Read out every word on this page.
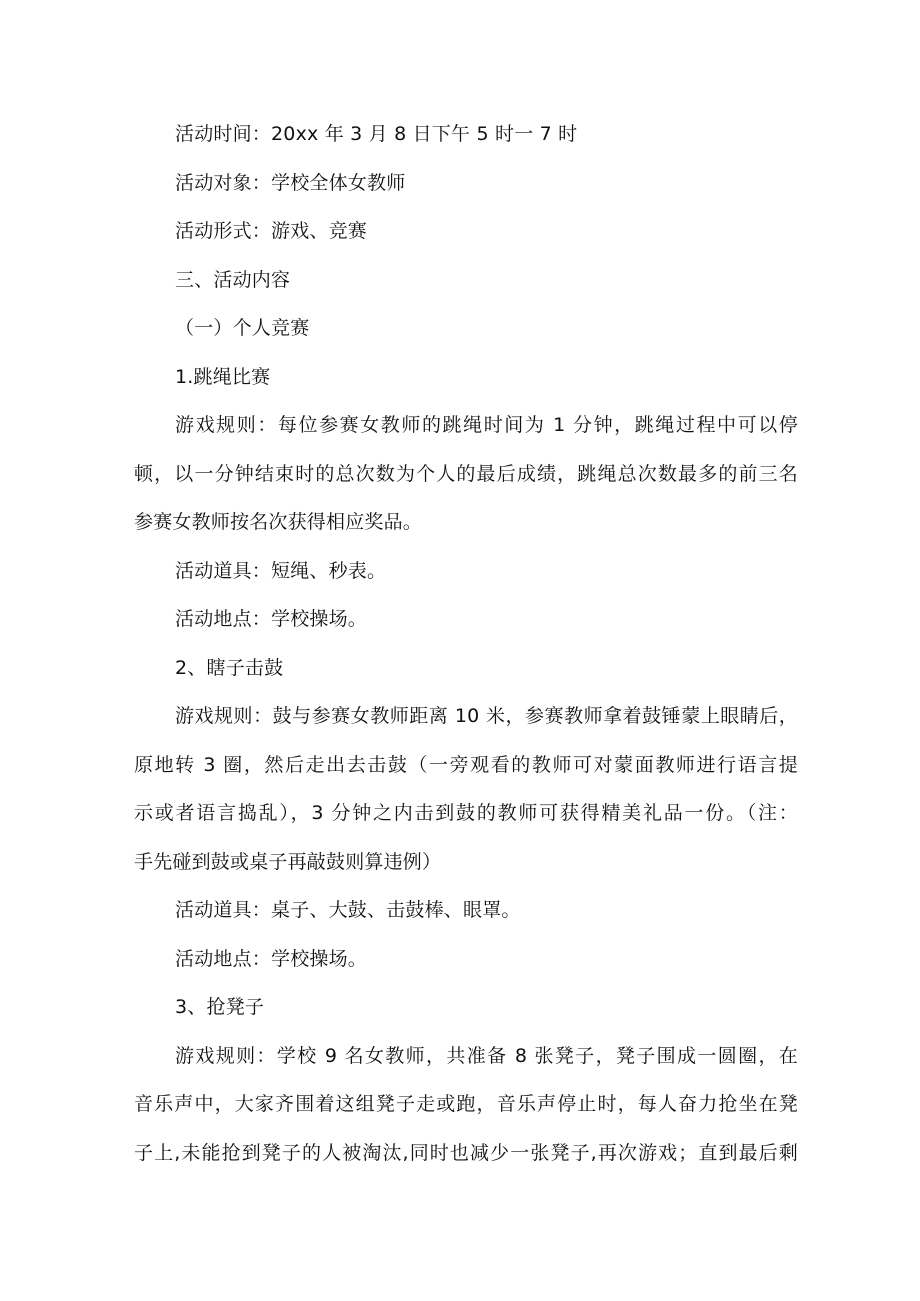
活动时间：20xx 年 3 月 8 日下午 5 时一 7 时

活动对象：学校全体女教师

活动形式：游戏、竞赛

三、活动内容

（一）个人竞赛

1.跳绳比赛

游戏规则：每位参赛女教师的跳绳时间为 1 分钟，跳绳过程中可以停

顿，以一分钟结束时的总次数为个人的最后成绩，跳绳总次数最多的前三名

参赛女教师按名次获得相应奖品。

活动道具：短绳、秒表。

活动地点：学校操场。

2、瞎子击鼓

游戏规则：鼓与参赛女教师距离 10 米，参赛教师拿着鼓锤蒙上眼睛后，

原地转 3 圈，然后走出去击鼓（一旁观看的教师可对蒙面教师进行语言提

示或者语言捣乱），3 分钟之内击到鼓的教师可获得精美礼品一份。（注：

手先碰到鼓或桌子再敲鼓则算违例）

活动道具：桌子、大鼓、击鼓棒、眼罩。

活动地点：学校操场。

3、抢凳子

游戏规则：学校 9 名女教师，共准备 8 张凳子，凳子围成一圆圈，在

音乐声中，大家齐围着这组凳子走或跑，音乐声停止时，每人奋力抢坐在凳

子上,未能抢到凳子的人被淘汰,同时也减少一张凳子,再次游戏；直到最后剩
